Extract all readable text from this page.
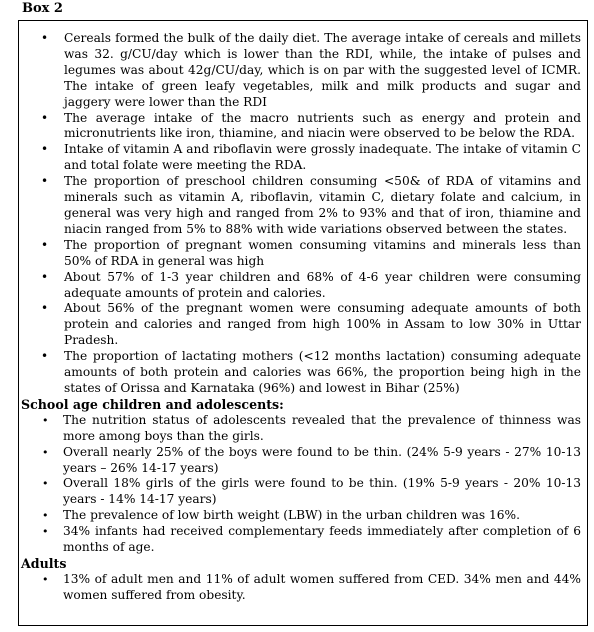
Box 2
• Cereals formed the bulk of the daily diet. The average intake of cereals and millets was 32. g/CU/day which is lower than the RDI, while, the intake of pulses and legumes was about 42g/CU/day, which is on par with the suggested level of ICMR. The intake of green leafy vegetables, milk and milk products and sugar and jaggery were lower than the RDI
• The average intake of the macro nutrients such as energy and protein and micronutrients like iron, thiamine, and niacin were observed to be below the RDA.
• Intake of vitamin A and riboflavin were grossly inadequate. The intake of vitamin C and total folate were meeting the RDA.
• The proportion of preschool children consuming <50& of RDA of vitamins and minerals such as vitamin A, riboflavin, vitamin C, dietary folate and calcium, in general was very high and ranged from 2% to 93% and that of iron, thiamine and niacin ranged from 5% to 88% with wide variations observed between the states.
• The proportion of pregnant women consuming vitamins and minerals less than 50% of RDA in general was high
• About 57% of 1-3 year children and 68% of 4-6 year children were consuming adequate amounts of protein and calories.
• About 56% of the pregnant women were consuming adequate amounts of both protein and calories and ranged from high 100% in Assam to low 30% in Uttar Pradesh.
• The proportion of lactating mothers (<12 months lactation) consuming adequate amounts of both protein and calories was 66%, the proportion being high in the states of Orissa and Karnataka (96%) and lowest in Bihar (25%)
School age children and adolescents:
• The nutrition status of adolescents revealed that the prevalence of thinness was more among boys than the girls.
• Overall nearly 25% of the boys were found to be thin. (24% 5-9 years - 27% 10-13 years – 26% 14-17 years)
• Overall 18% girls of the girls were found to be thin. (19% 5-9 years - 20% 10-13 years - 14% 14-17 years)
• The prevalence of low birth weight (LBW) in the urban children was 16%.
• 34% infants had received complementary feeds immediately after completion of 6 months of age.
Adults
• 13% of adult men and 11% of adult women suffered from CED. 34% men and 44% women suffered from obesity.
